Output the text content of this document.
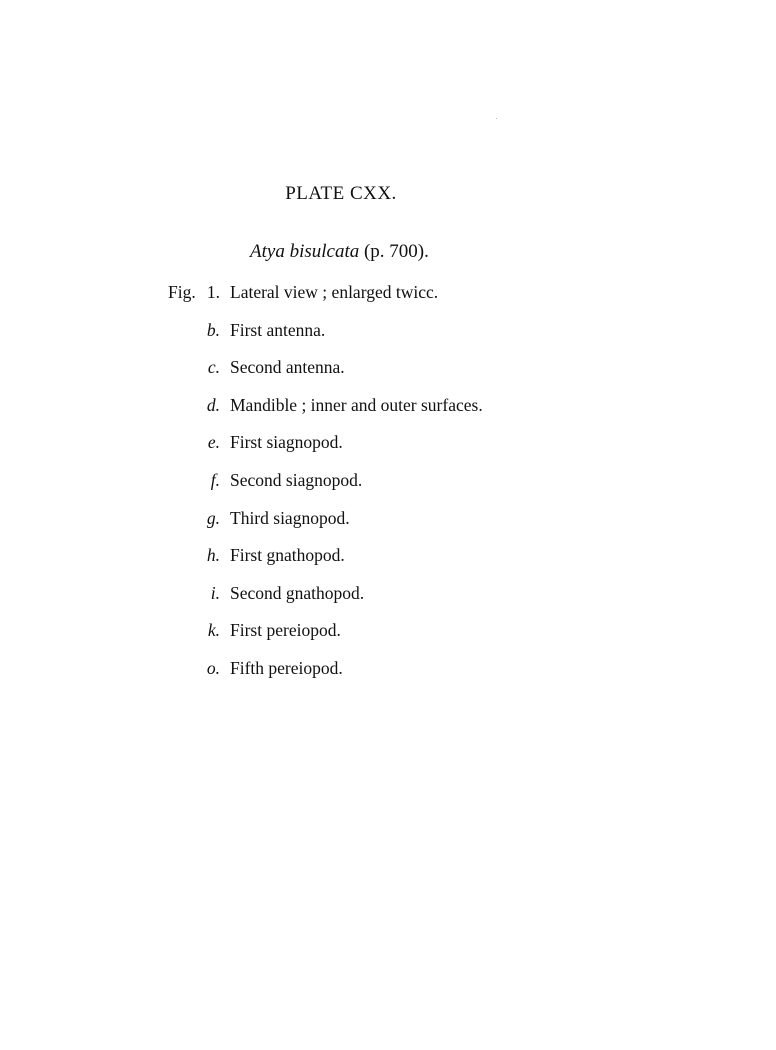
PLATE CXX.
Atya bisulcata (p. 700).
Fig. 1. Lateral view ; enlarged twicc.
b. First antenna.
c. Second antenna.
d. Mandible ; inner and outer surfaces.
e. First siagnopod.
f. Second siagnopod.
g. Third siagnopod.
h. First gnathopod.
i. Second gnathopod.
k. First pereiopod.
o. Fifth pereiopod.
